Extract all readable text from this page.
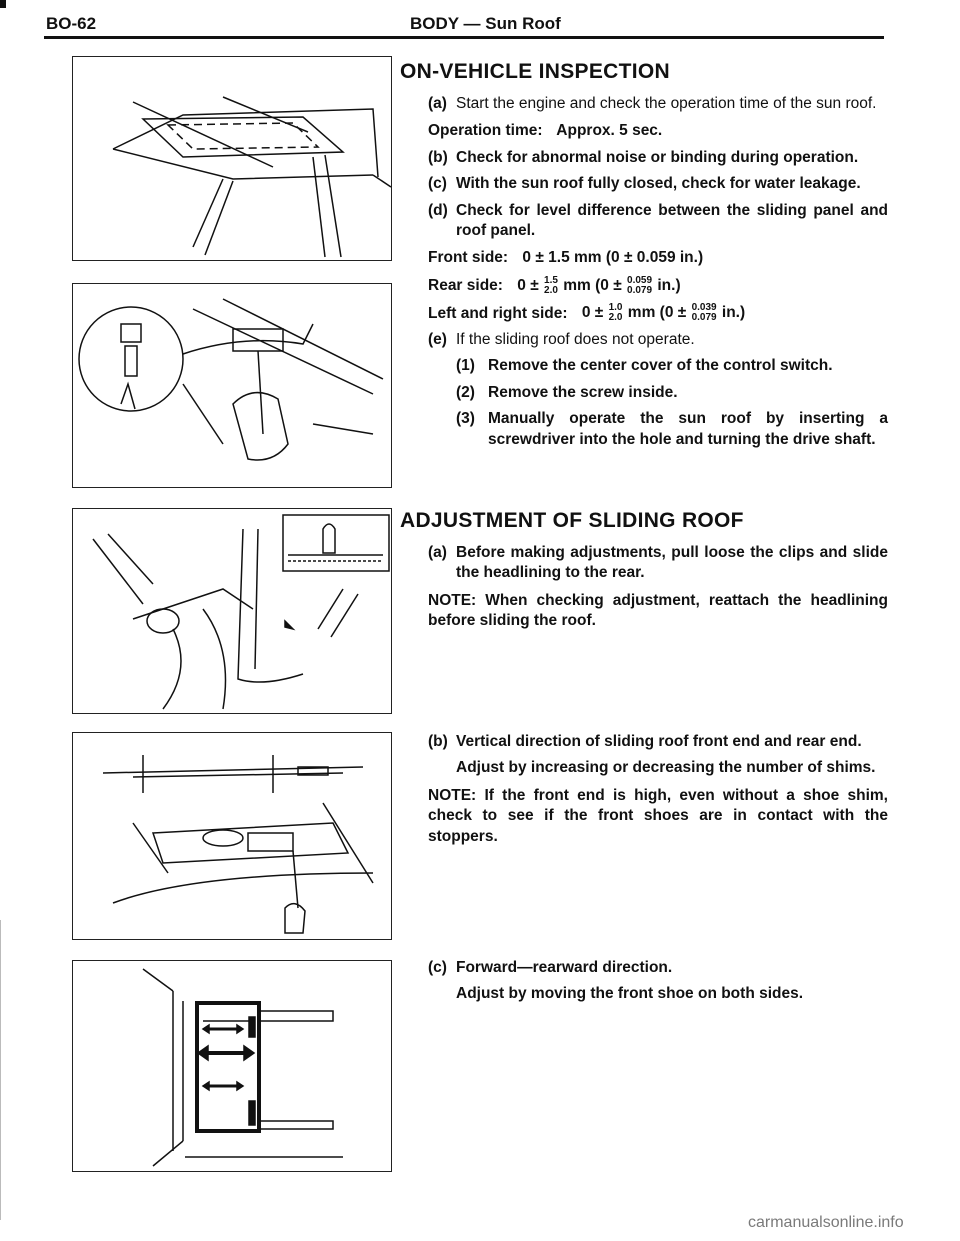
BO-62	BODY — Sun Roof
ON-VEHICLE INSPECTION
(a) Start the engine and check the operation time of the sun roof.
Operation time: Approx. 5 sec.
(b) Check for abnormal noise or binding during operation.
(c) With the sun roof fully closed, check for water leakage.
(d) Check for level difference between the sliding panel and roof panel.
Front side: 0 ± 1.5 mm (0 ± 0.059 in.)
Rear side: 0 ± 1.5
2.0 mm (0 ± 0.059
0.079 in.)
Left and right side: 0 ± 1.0
2.0 mm (0 ± 0.039
0.079 in.)
(e) If the sliding roof does not operate.
(1) Remove the center cover of the control switch.
(2) Remove the screw inside.
(3) Manually operate the sun roof by inserting a screwdriver into the hole and turning the drive shaft.
ADJUSTMENT OF SLIDING ROOF
(a) Before making adjustments, pull loose the clips and slide the headlining to the rear.
NOTE: When checking adjustment, reattach the headlining before sliding the roof.
(b) Vertical direction of sliding roof front end and rear end.
Adjust by increasing or decreasing the number of shims.
NOTE: If the front end is high, even without a shoe shim, check to see if the front shoes are in contact with the stoppers.
(c) Forward—rearward direction.
Adjust by moving the front shoe on both sides.
carmanualsonline.info
